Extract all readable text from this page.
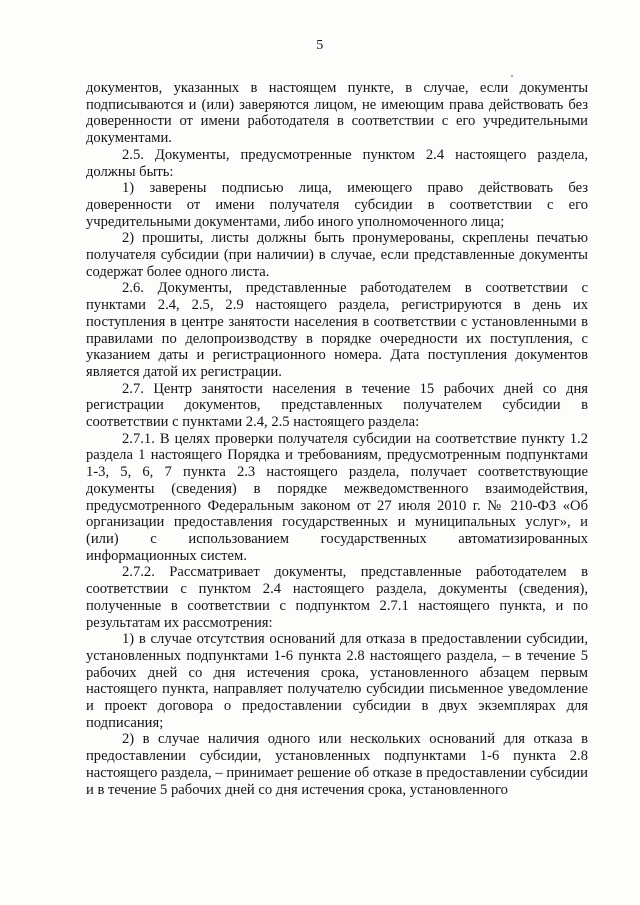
5

документов, указанных в настоящем пункте, в случае, если документы подписываются и (или) заверяются лицом, не имеющим права действовать без доверенности от имени работодателя в соответствии с его учредительными документами.

2.5. Документы, предусмотренные пунктом 2.4 настоящего раздела, должны быть:

1) заверены подписью лица, имеющего право действовать без доверенности от имени получателя субсидии в соответствии с его учредительными документами, либо иного уполномоченного лица;

2) прошиты, листы должны быть пронумерованы, скреплены печатью получателя субсидии (при наличии) в случае, если представленные документы содержат более одного листа.

2.6. Документы, представленные работодателем в соответствии с пунктами 2.4, 2.5, 2.9 настоящего раздела, регистрируются в день их поступления в центре занятости населения в соответствии с установленными в правилами по делопроизводству в порядке очередности их поступления, с указанием даты и регистрационного номера. Дата поступления документов является датой их регистрации.

2.7. Центр занятости населения в течение 15 рабочих дней со дня регистрации документов, представленных получателем субсидии в соответствии с пунктами 2.4, 2.5 настоящего раздела:

2.7.1. В целях проверки получателя субсидии на соответствие пункту 1.2 раздела 1 настоящего Порядка и требованиям, предусмотренным подпунктами 1-3, 5, 6, 7 пункта 2.3 настоящего раздела, получает соответствующие документы (сведения) в порядке межведомственного взаимодействия, предусмотренного Федеральным законом от 27 июля 2010 г. № 210-ФЗ «Об организации предоставления государственных и муниципальных услуг», и (или) с использованием государственных автоматизированных информационных систем.

2.7.2. Рассматривает документы, представленные работодателем в соответствии с пунктом 2.4 настоящего раздела, документы (сведения), полученные в соответствии с подпунктом 2.7.1 настоящего пункта, и по результатам их рассмотрения:

1) в случае отсутствия оснований для отказа в предоставлении субсидии, установленных подпунктами 1-6 пункта 2.8 настоящего раздела, – в течение 5 рабочих дней со дня истечения срока, установленного абзацем первым настоящего пункта, направляет получателю субсидии письменное уведомление и проект договора о предоставлении субсидии в двух экземплярах для подписания;

2) в случае наличия одного или нескольких оснований для отказа в предоставлении субсидии, установленных подпунктами 1-6 пункта 2.8 настоящего раздела, – принимает решение об отказе в предоставлении субсидии и в течение 5 рабочих дней со дня истечения срока, установленного
